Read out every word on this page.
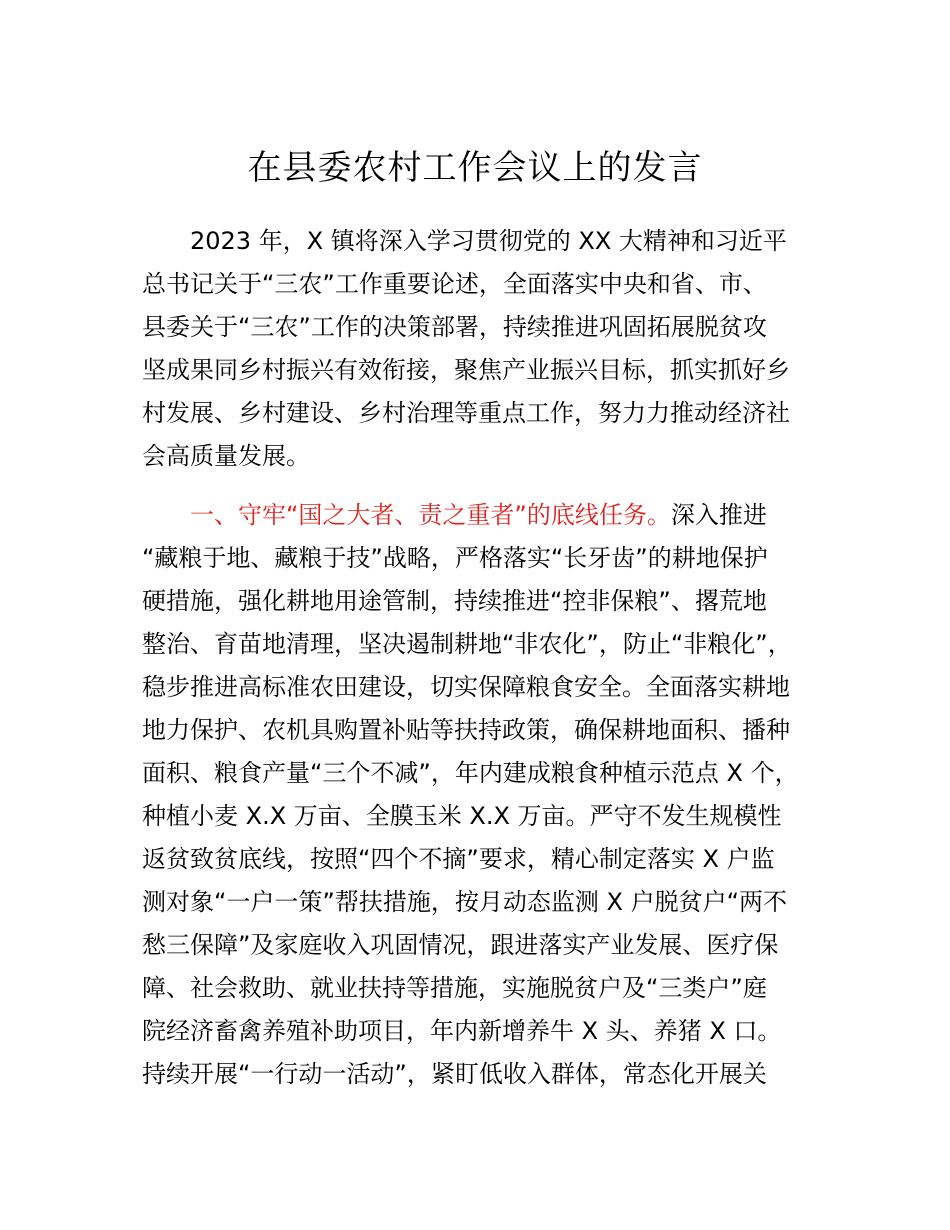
在县委农村工作会议上的发言
2023 年，X 镇将深入学习贯彻党的 XX 大精神和习近平
总书记关于“三农”工作重要论述，全面落实中央和省、市、
县委关于“三农”工作的决策部署，持续推进巩固拓展脱贫攻
坚成果同乡村振兴有效衔接，聚焦产业振兴目标，抓实抓好乡
村发展、乡村建设、乡村治理等重点工作，努力力推动经济社
会高质量发展。
一、守牢“国之大者、责之重者”的底线任务。深入推进
“藏粮于地、藏粮于技”战略，严格落实“长牙齿”的耕地保护
硬措施，强化耕地用途管制，持续推进“控非保粮”、撂荒地
整治、育苗地清理，坚决遏制耕地“非农化”，防止“非粮化”，
稳步推进高标准农田建设，切实保障粮食安全。全面落实耕地
地力保护、农机具购置补贴等扶持政策，确保耕地面积、播种
面积、粮食产量“三个不减”，年内建成粮食种植示范点 X 个，
种植小麦 X.X 万亩、全膜玉米 X.X 万亩。严守不发生规模性
返贫致贫底线，按照“四个不摘”要求，精心制定落实 X 户监
测对象“一户一策”帮扶措施，按月动态监测 X 户脱贫户“两不
愁三保障”及家庭收入巩固情况，跟进落实产业发展、医疗保
障、社会救助、就业扶持等措施，实施脱贫户及“三类户”庭
院经济畜禽养殖补助项目，年内新增养牛 X 头、养猪 X 口。
持续开展“一行动一活动”，紧盯低收入群体，常态化开展关
